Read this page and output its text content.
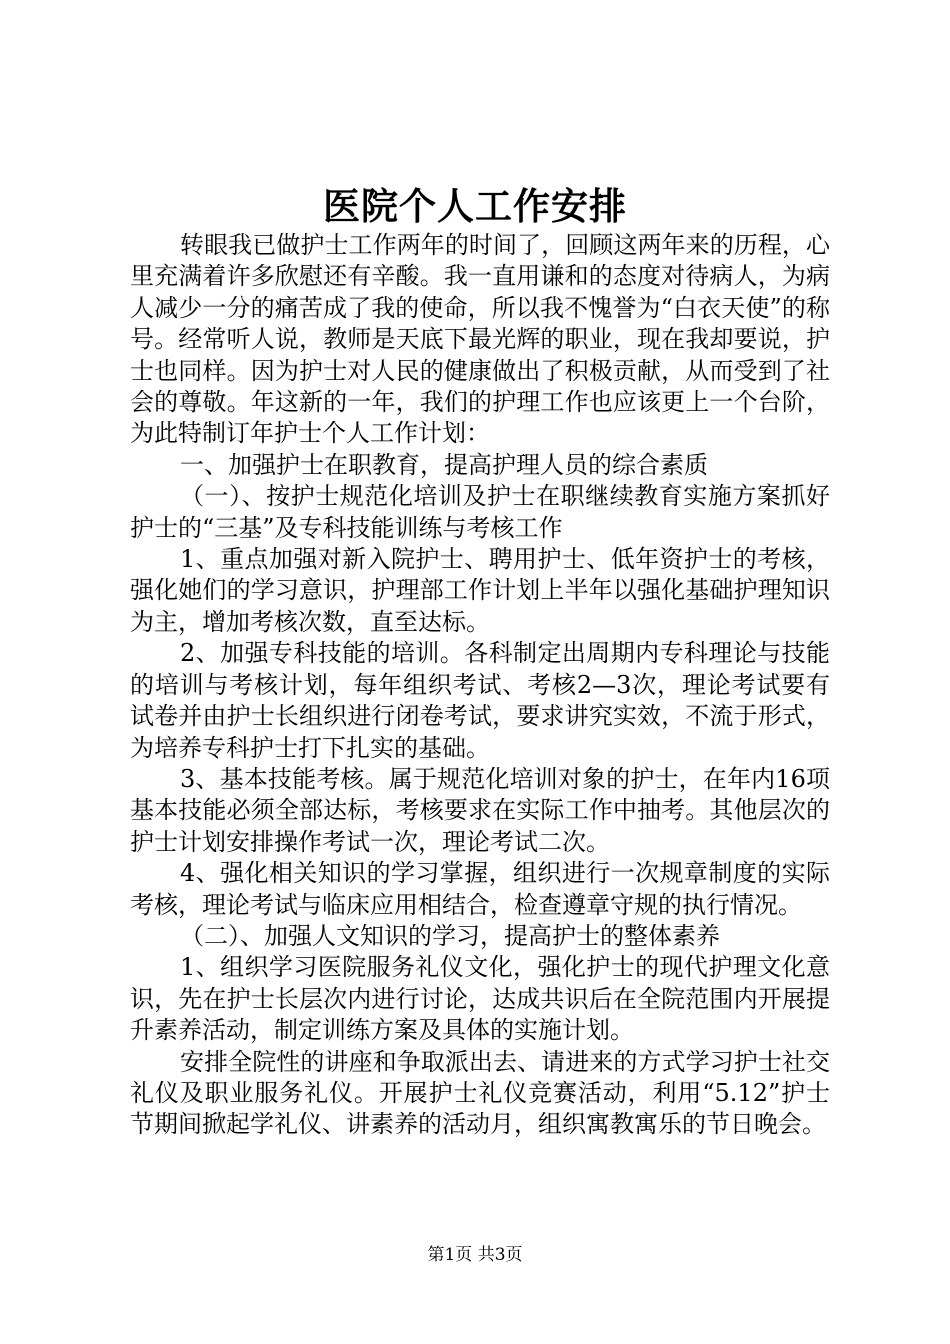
医院个人工作安排

转眼我已做护士工作两年的时间了，回顾这两年来的历程，心里充满着许多欣慰还有辛酸。我一直用谦和的态度对待病人，为病人减少一分的痛苦成了我的使命，所以我不愧誉为“白衣天使”的称号。经常听人说，教师是天底下最光辉的职业，现在我却要说，护士也同样。因为护士对人民的健康做出了积极贡献，从而受到了社会的尊敬。年这新的一年，我们的护理工作也应该更上一个台阶，为此特制订年护士个人工作计划：

一、加强护士在职教育，提高护理人员的综合素质

（一）、按护士规范化培训及护士在职继续教育实施方案抓好护士的“三基”及专科技能训练与考核工作

1、重点加强对新入院护士、聘用护士、低年资护士的考核，强化她们的学习意识，护理部工作计划上半年以强化基础护理知识为主，增加考核次数，直至达标。

2、加强专科技能的培训。各科制定出周期内专科理论与技能的培训与考核计划，每年组织考试、考核2—3次，理论考试要有试卷并由护士长组织进行闭卷考试，要求讲究实效，不流于形式，为培养专科护士打下扎实的基础。

3、基本技能考核。属于规范化培训对象的护士，在年内16项基本技能必须全部达标，考核要求在实际工作中抽考。其他层次的护士计划安排操作考试一次，理论考试二次。

4、强化相关知识的学习掌握，组织进行一次规章制度的实际考核，理论考试与临床应用相结合，检查遵章守规的执行情况。

（二）、加强人文知识的学习，提高护士的整体素养

1、组织学习医院服务礼仪文化，强化护士的现代护理文化意识，先在护士长层次内进行讨论，达成共识后在全院范围内开展提升素养活动，制定训练方案及具体的实施计划。

安排全院性的讲座和争取派出去、请进来的方式学习护士社交礼仪及职业服务礼仪。开展护士礼仪竞赛活动，利用“5.12”护士节期间掀起学礼仪、讲素养的活动月，组织寓教寓乐的节日晚会。

第1页 共3页
